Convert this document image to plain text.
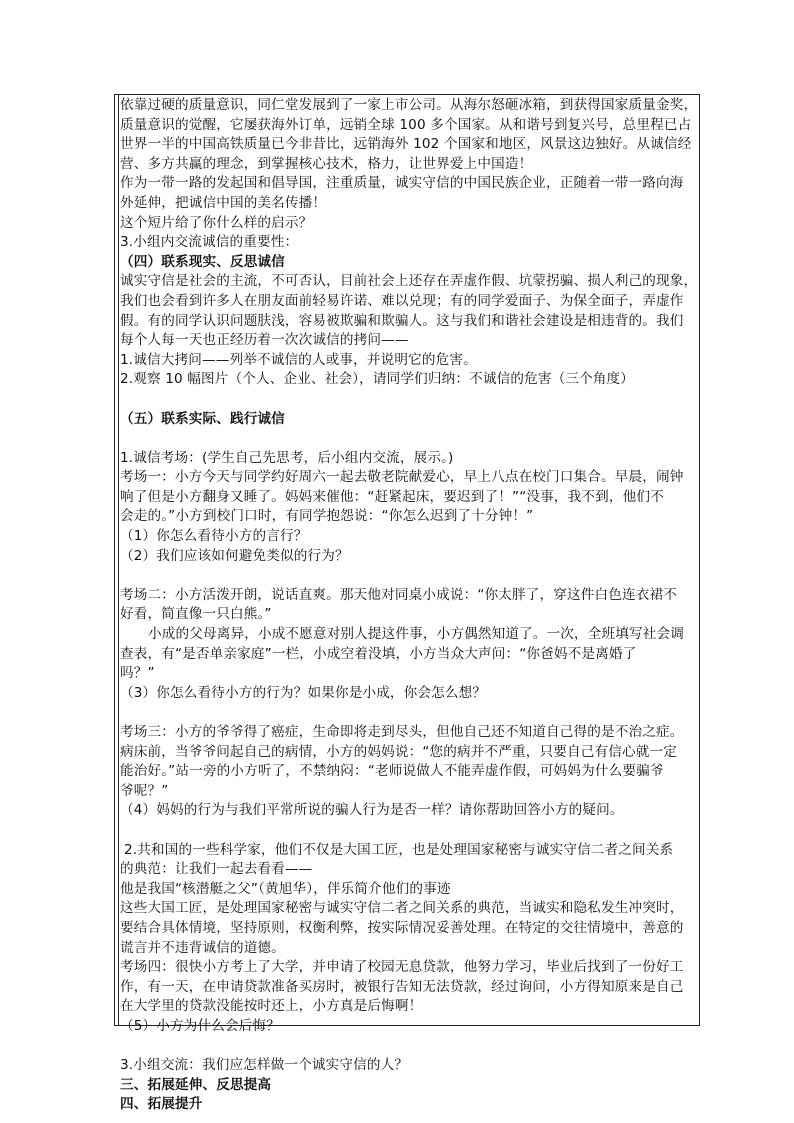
依靠过硬的质量意识，同仁堂发展到了一家上市公司。从海尔怒砸冰箱，到获得国家质量金奖，
质量意识的觉醒，它屡获海外订单，远销全球 100 多个国家。从和谐号到复兴号，总里程已占
世界一半的中国高铁质量已今非昔比，远销海外 102 个国家和地区，风景这边独好。从诚信经
营、多方共赢的理念，到掌握核心技术，格力，让世界爱上中国造！
作为一带一路的发起国和倡导国，注重质量，诚实守信的中国民族企业，正随着一带一路向海
外延伸，把诚信中国的美名传播！
这个短片给了你什么样的启示？
3.小组内交流诚信的重要性：
（四）联系现实、反思诚信
诚实守信是社会的主流，不可否认，目前社会上还存在弄虚作假、坑蒙拐骗、损人利己的现象，
我们也会看到许多人在朋友面前轻易许诺、难以兑现；有的同学爱面子、为保全面子，弄虚作
假。有的同学认识问题肤浅，容易被欺骗和欺骗人。这与我们和谐社会建设是相违背的。我们
每个人每一天也正经历着一次次诚信的拷问——
1.诚信大拷问——列举不诚信的人或事，并说明它的危害。
2.观察 10 幅图片（个人、企业、社会），请同学们归纳：不诚信的危害（三个角度）
（五）联系实际、践行诚信
1.诚信考场：(学生自己先思考，后小组内交流，展示。)
考场一：小方今天与同学约好周六一起去敬老院献爱心，早上八点在校门口集合。早晨，闹钟
响了但是小方翻身又睡了。妈妈来催他：“赶紧起床，要迟到了！”“没事，我不到，他们不
会走的。”小方到校门口时，有同学抱怨说：“你怎么迟到了十分钟！”
（1）你怎么看待小方的言行？
（2）我们应该如何避免类似的行为？
考场二：小方活泼开朗，说话直爽。那天他对同桌小成说：“你太胖了，穿这件白色连衣裙不
好看，简直像一只白熊。”
小成的父母离异，小成不愿意对别人提这件事，小方偶然知道了。一次，全班填写社会调
查表，有“是否单亲家庭”一栏，小成空着没填，小方当众大声问：“你爸妈不是离婚了
吗？”
（3）你怎么看待小方的行为？如果你是小成，你会怎么想？
考场三：小方的爷爷得了癌症，生命即将走到尽头，但他自己还不知道自己得的是不治之症。
病床前，当爷爷问起自己的病情，小方的妈妈说：“您的病并不严重，只要自己有信心就一定
能治好。”站一旁的小方听了，不禁纳闷：“老师说做人不能弄虚作假，可妈妈为什么要骗爷
爷呢？”
（4）妈妈的行为与我们平常所说的骗人行为是否一样？请你帮助回答小方的疑问。
2.共和国的一些科学家，他们不仅是大国工匠，也是处理国家秘密与诚实守信二者之间关系
的典范：让我们一起去看看——
他是我国“核潜艇之父”（黄旭华），伴乐简介他们的事迹
这些大国工匠，是处理国家秘密与诚实守信二者之间关系的典范，当诚实和隐私发生冲突时，
要结合具体情境，坚持原则，权衡利弊，按实际情况妥善处理。在特定的交往情境中，善意的
谎言并不违背诚信的道德。
考场四：很快小方考上了大学，并申请了校园无息贷款，他努力学习，毕业后找到了一份好工
作，有一天，在申请贷款准备买房时，被银行告知无法贷款，经过询问，小方得知原来是自己
在大学里的贷款没能按时还上，小方真是后悔啊！
（5）小方为什么会后悔？
3.小组交流：我们应怎样做一个诚实守信的人？
三、拓展延伸、反思提高
四、拓展提升
